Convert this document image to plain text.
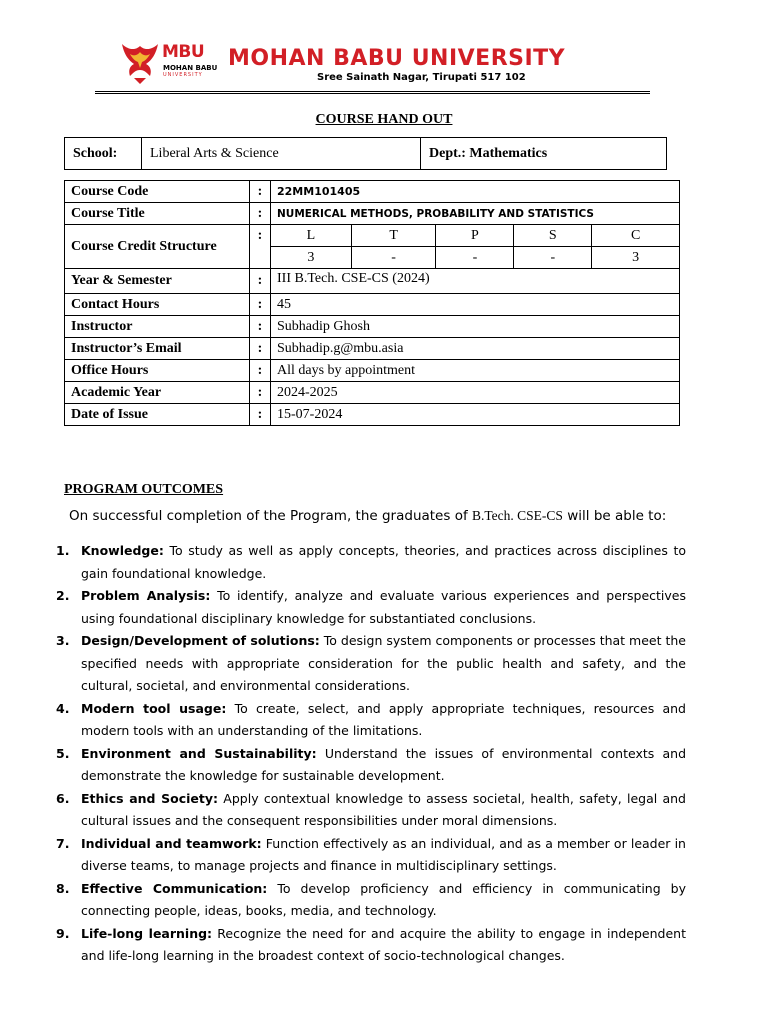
MBU
MOHAN BABU
UNIVERSITY
MOHAN BABU UNIVERSITY
Sree Sainath Nagar, Tirupati 517 102
COURSE HAND OUT
School:	Liberal Arts & Science	Dept.: Mathematics
Course Code	:	22MM101405
Course Title	:	NUMERICAL METHODS, PROBABILITY AND STATISTICS
Course Credit Structure	:		L	T	P	S	C
3	-	-	-	3

Year & Semester	:	III B.Tech. CSE-CS (2024)
Contact Hours	:	45
Instructor	:	Subhadip Ghosh
Instructor’s Email	:	Subhadip.g@mbu.asia
Office Hours	:	All days by appointment
Academic Year	:	2024-2025
Date of Issue	:	15-07-2024
PROGRAM OUTCOMES
On successful completion of the Program, the graduates of B.Tech. CSE-CS will be able to:
1. Knowledge: To study as well as apply concepts, theories, and practices across disciplines to gain foundational knowledge.
2. Problem Analysis: To identify, analyze and evaluate various experiences and perspectives using foundational disciplinary knowledge for substantiated conclusions.
3. Design/Development of solutions: To design system components or processes that meet the specified needs with appropriate consideration for the public health and safety, and the cultural, societal, and environmental considerations.
4. Modern tool usage: To create, select, and apply appropriate techniques, resources and modern tools with an understanding of the limitations.
5. Environment and Sustainability: Understand the issues of environmental contexts and demonstrate the knowledge for sustainable development.
6. Ethics and Society: Apply contextual knowledge to assess societal, health, safety, legal and cultural issues and the consequent responsibilities under moral dimensions.
7. Individual and teamwork: Function effectively as an individual, and as a member or leader in diverse teams, to manage projects and finance in multidisciplinary settings.
8. Effective Communication: To develop proficiency and efficiency in communicating by connecting people, ideas, books, media, and technology.
9. Life-long learning: Recognize the need for and acquire the ability to engage in independent and life-long learning in the broadest context of socio-technological changes.
